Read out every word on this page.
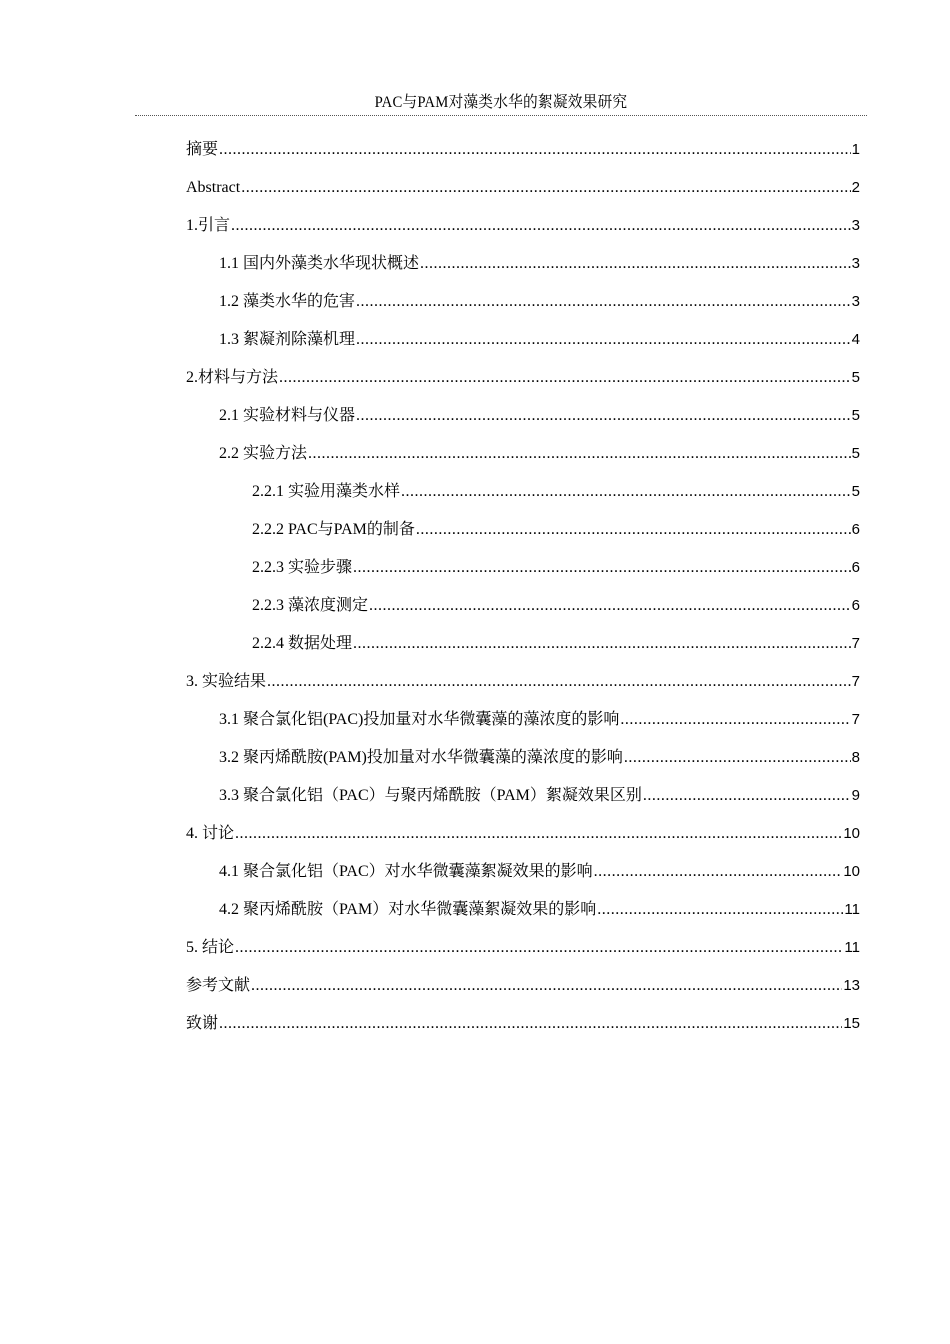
PAC与PAM对藻类水华的絮凝效果研究
摘要 .....	1
Abstract .....	2
1.引言 .....	3
1.1 国内外藻类水华现状概述 .....	3
1.2 藻类水华的危害 .....	3
1.3 絮凝剂除藻机理 .....	4
2.材料与方法 .....	5
2.1 实验材料与仪器 .....	5
2.2 实验方法 .....	5
2.2.1 实验用藻类水样 .....	5
2.2.2 PAC与PAM的制备 .....	6
2.2.3 实验步骤 .....	6
2.2.3 藻浓度测定 .....	6
2.2.4 数据处理 .....	7
3. 实验结果 .....	7
3.1 聚合氯化铝(PAC)投加量对水华微囊藻的藻浓度的影响 .....	7
3.2 聚丙烯酰胺(PAM)投加量对水华微囊藻的藻浓度的影响 .....	8
3.3 聚合氯化铝（PAC）与聚丙烯酰胺（PAM）絮凝效果区别 .....	9
4. 讨论 .....	10
4.1 聚合氯化铝（PAC）对水华微囊藻絮凝效果的影响 .....	10
4.2 聚丙烯酰胺（PAM）对水华微囊藻絮凝效果的影响 .....	11
5. 结论 .....	11
参考文献 .....	13
致谢 .....	15
